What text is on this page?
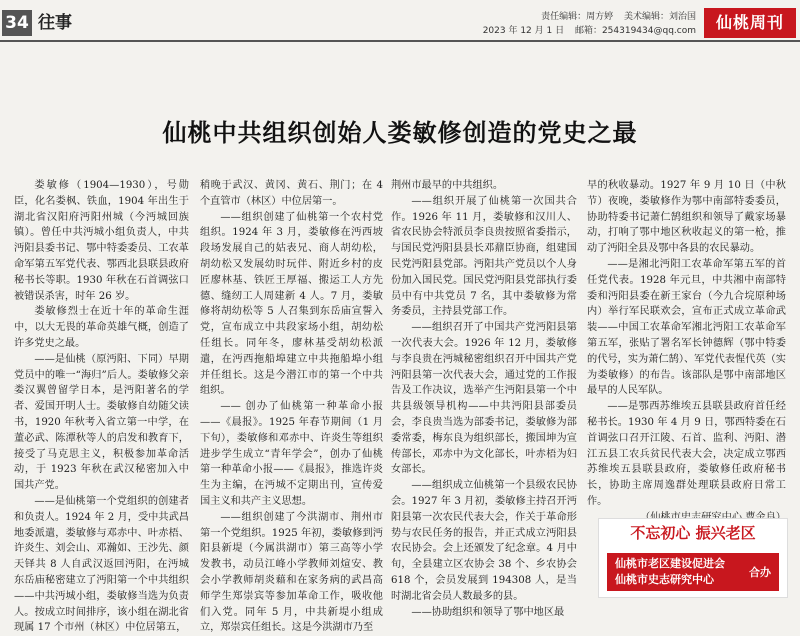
34 往事	责任编辑：周方婷 美术编辑：刘治国
2023 年 12 月 1 日 邮箱：254319434@qq.com	仙桃周刊
仙桃中共组织创始人娄敏修创造的党史之最

娄敏修（1904—1930），号勋臣，化名娄枫、铁血，1904 年出生于湖北省汉阳府沔阳州城（今沔城回族镇）。曾任中共沔城小组负责人，中共沔阳县委书记、鄂中特委委员、工农革命军第五军党代表、鄂西北县联县政府秘书长等职。1930 年秋在石首调弦口被错误杀害，时年 26 岁。

娄敏修烈士在近十年的革命生涯中，以大无畏的革命英雄气概，创造了许多党史之最。

——是仙桃（原沔阳、下同）早期党员中的唯一“海归”后人。娄敏修父亲娄汉翼曾留学日本，是沔阳著名的学者、爱国开明人士。娄敏修自幼随父读书，1920 年秋考入省立第一中学，在董必武、陈潭秋等人的启发和教育下，接受了马克思主义，积极参加革命活动，于 1923 年秋在武汉秘密加入中国共产党。

——是仙桃第一个党组织的创建者和负责人。1924 年 2 月，受中共武昌地委派遣，娄敏修与邓赤中、叶赤梧、许炎生、刘会山、邓瀚如、王沙先、颜天铎共 8 人自武汉返回沔阳，在沔城东岳庙秘密建立了沔阳第一个中共组织——中共沔城小组，娄敏修当选为负责人。按成立时间排序，该小组在湖北省现属 17 个市州（林区）中位居第五，

稍晚于武汉、黄冈、黄石、荆门；在 4 个直管市（林区）中位居第一。

——组织创建了仙桃第一个农村党组织。1924 年 3 月，娄敏修在沔西坡段场发展自己的姑表兄、商人胡幼松，胡幼松又发展幼时玩伴、附近乡村的皮匠廖林基、铁匠王厚福、搬运工人方先德、缝纫工人周建新 4 人。7 月，娄敏修将胡幼松等 5 人召集到东岳庙宣誓入党，宣布成立中共段家场小组，胡幼松任组长。同年冬，廖林基受胡幼松派遣，在沔西拖船埠建立中共拖船埠小组并任组长。这是今潜江市的第一个中共组织。

—— 创办了仙桃第一种革命小报——《晨报》。1925 年春节期间（1 月下旬），娄敏修和邓赤中、许炎生等组织进步学生成立“青年学会”，创办了仙桃第一种革命小报——《晨报》，推选许炎生为主编，在沔城不定期出刊，宣传爱国主义和共产主义思想。

——组织创建了今洪湖市、荆州市第一个党组织。1925 年初，娄敏修到沔阳县新堤（今属洪湖市）第三高等小学发教书，动员江峰小学教师刘煊安、教会小学教师胡炎藉和在家务病的武昌高师学生郑崇宾等参加革命工作，吸收他们入党。同年 5 月，中共新堤小组成立，郑崇宾任组长。这是今洪湖市乃至

荆州市最早的中共组织。

——组织开展了仙桃第一次国共合作。1926 年 11 月，娄敏修和汉川人、省农民协会特派员李良贵按照省委指示，与国民党沔阳县县长邓鼐臣协商，组建国民党沔阳县党部。沔阳共产党员以个人身份加入国民党。国民党沔阳县党部执行委员中有中共党员 7 名，其中娄敏修为常务委员，主持县党部工作。

——组织召开了中国共产党沔阳县第一次代表大会。1926 年 12 月，娄敏修与李良贵在沔城秘密组织召开中国共产党沔阳县第一次代表大会，通过党的工作报告及工作决议，选举产生沔阳县第一个中共县级领导机构——中共沔阳县部委员会，李良贵当选为部委书记，娄敏修为部委常委，梅东良为组织部长，搬国坤为宣传部长，邓赤中为文化部长，叶赤梧为妇女部长。

——组织成立仙桃第一个县级农民协会。1927 年 3 月初，娄敏修主持召开沔阳县第一次农民代表大会，作关于革命形势与农民任务的报告，并正式成立沔阳县农民协会。会上还颁发了纪念章。4 月中旬，全县建立区农协会 38 个、乡农协会 618 个，会员发展到 194308 人，是当时湖北省会员人数最多的县。

——协助组织和领导了鄂中地区最

早的秋收暴动。1927 年 9 月 10 日（中秋节）夜晚，娄敏修作为鄂中南部特委委员，协助特委书记萧仁鹄组织和领导了戴家场暴动，打响了鄂中地区秋收起义的第一枪，推动了沔阳全县及鄂中各县的农民暴动。

——是湘北沔阳工农革命军第五军的首任党代表。1928 年元旦，中共湘中南部特委和沔阳县委在新王家台（今九合垸原种场内）举行军民联欢会，宣布正式成立革命武装——中国工农革命军湘北沔阳工农革命军第五军，张贴了署名军长钟德辉（鄂中特委的代号，实为萧仁鹄）、军党代表惺代英（实为娄敏修）的布告。该部队是鄂中南部地区最早的人民军队。

——是鄂西苏维埃五县联县政府首任经秘书长。1930 年 4 月 9 日，鄂西特委在石首调弦口召开江陵、石首、监利、沔阳、潜江五县工农兵贫民代表大会，决定成立鄂西苏维埃五县联县政府，娄敏修任政府秘书长，协助主席周逸群处理联县政府日常工作。

不忘初心 振兴老区
仙桃市老区建设促进会
仙桃市史志研究中心
合办
